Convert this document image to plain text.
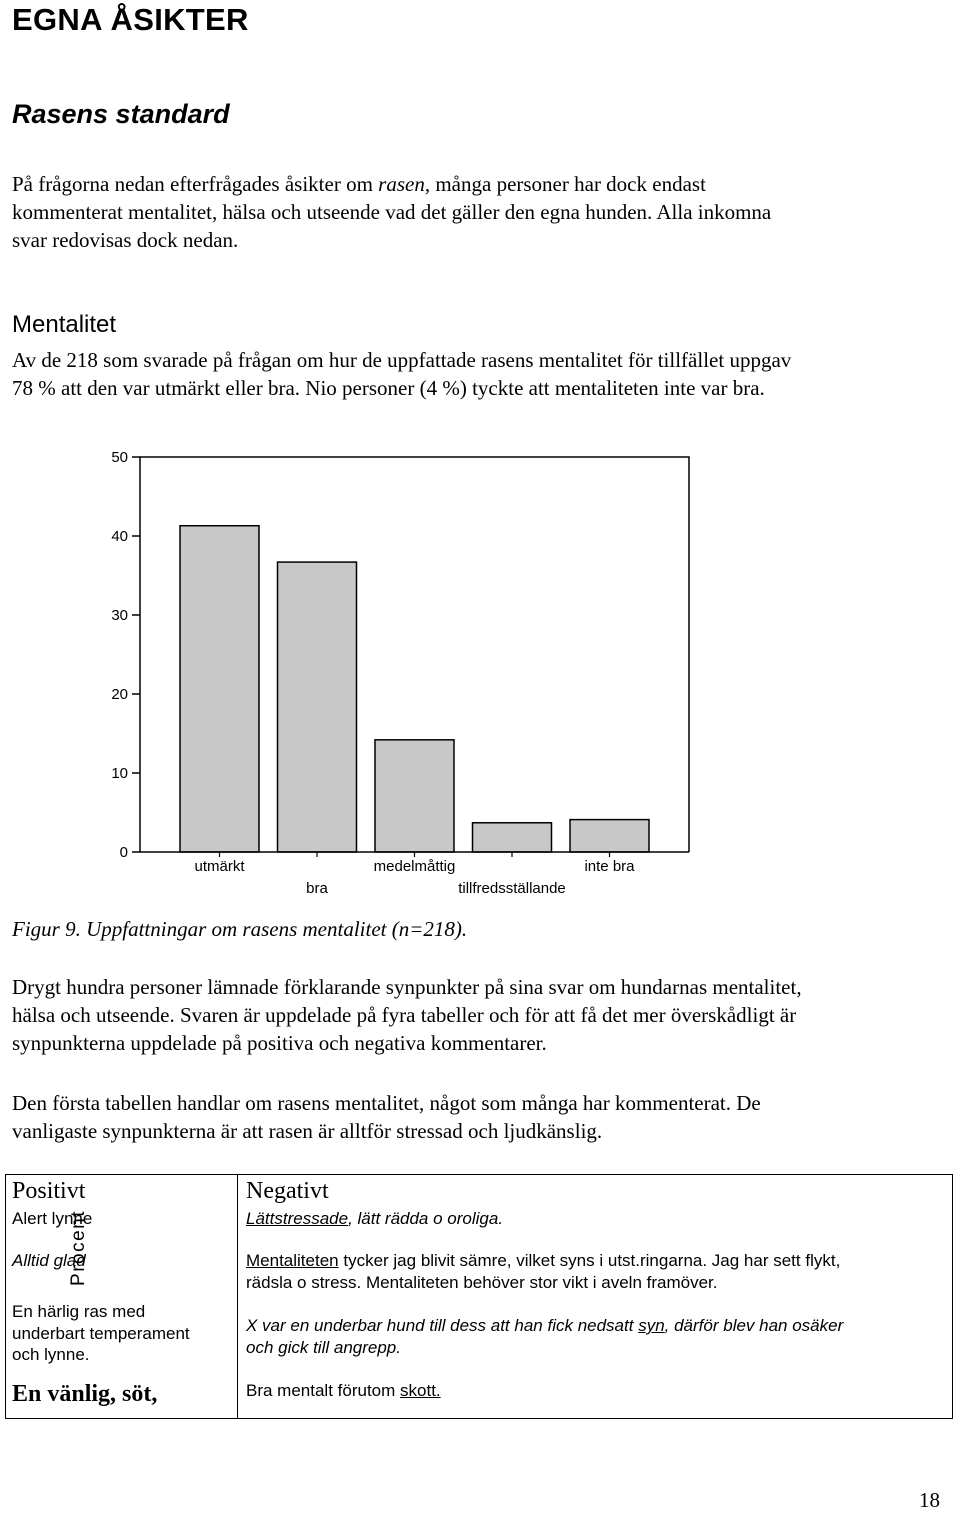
EGNA ÅSIKTER
Rasens standard
På frågorna nedan efterfrågades åsikter om rasen, många personer har dock endast
kommenterat mentalitet, hälsa och utseende vad det gäller den egna hunden. Alla inkomna
svar redovisas dock nedan.
Mentalitet
Av de 218 som svarade på frågan om hur de uppfattade rasens mentalitet för tillfället uppgav
78 % att den var utmärkt eller bra. Nio personer (4 %) tyckte att mentaliteten inte var bra.
0
10
20
30
40
50
utmärkt
bra
medelmåttig
tillfredsställande
inte bra
Procent
Figur 9. Uppfattningar om rasens mentalitet (n=218).
Drygt hundra personer lämnade förklarande synpunkter på sina svar om hundarnas mentalitet,
hälsa och utseende. Svaren är uppdelade på fyra tabeller och för att få det mer överskådligt är
synpunkterna uppdelade på positiva och negativa kommentarer.
Den första tabellen handlar om rasens mentalitet, något som många har kommenterat. De
vanligaste synpunkterna är att rasen är alltför stressad och ljudkänslig.
Positivt
Alert lynne
Alltid glad
En härlig ras med
underbart temperament
och lynne.
En vänlig, söt,
Negativt
Lättstressade, lätt rädda o oroliga.
Mentaliteten tycker jag blivit sämre, vilket syns i utst.ringarna. Jag har sett flykt,
rädsla o stress. Mentaliteten behöver stor vikt i aveln framöver.
X var en underbar hund till dess att han fick nedsatt syn, därför blev han osäker
och gick till angrepp.
Bra mentalt förutom skott.
18
